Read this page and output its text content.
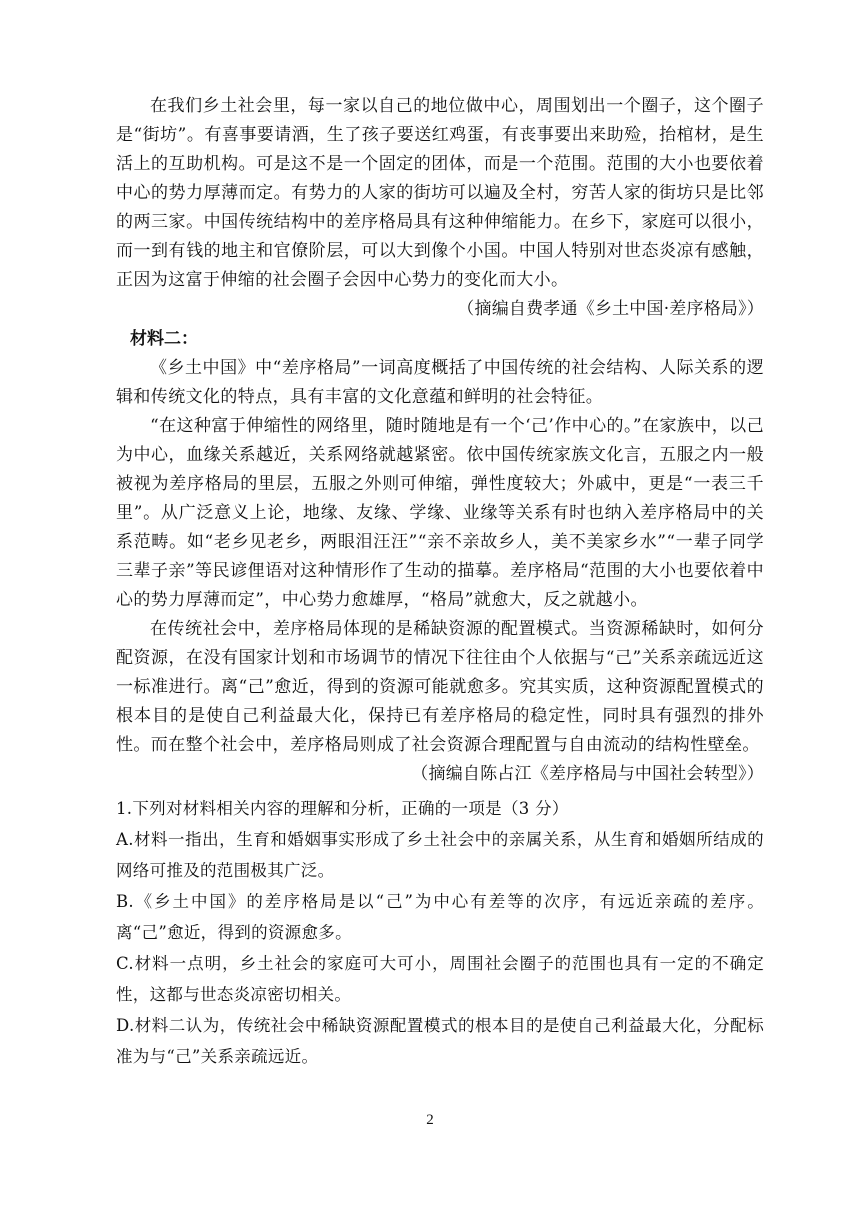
在我们乡土社会里，每一家以自己的地位做中心，周围划出一个圈子，这个圈子是“街坊”。有喜事要请酒，生了孩子要送红鸡蛋，有丧事要出来助殓，抬棺材，是生活上的互助机构。可是这不是一个固定的团体，而是一个范围。范围的大小也要依着中心的势力厚薄而定。有势力的人家的街坊可以遍及全村，穷苦人家的街坊只是比邻的两三家。中国传统结构中的差序格局具有这种伸缩能力。在乡下，家庭可以很小，而一到有钱的地主和官僚阶层，可以大到像个小国。中国人特别对世态炎凉有感触，正因为这富于伸缩的社会圈子会因中心势力的变化而大小。

（摘编自费孝通《乡土中国·差序格局》）

材料二：

《乡土中国》中“差序格局”一词高度概括了中国传统的社会结构、人际关系的逻辑和传统文化的特点，具有丰富的文化意蕴和鲜明的社会特征。

“在这种富于伸缩性的网络里，随时随地是有一个‘己’作中心的。”在家族中，以己为中心，血缘关系越近，关系网络就越紧密。依中国传统家族文化言，五服之内一般被视为差序格局的里层，五服之外则可伸缩，弹性度较大；外戚中，更是“一表三千里”。从广泛意义上论，地缘、友缘、学缘、业缘等关系有时也纳入差序格局中的关系范畴。如“老乡见老乡，两眼泪汪汪”“亲不亲故乡人，美不美家乡水”“一辈子同学三辈子亲”等民谚俚语对这种情形作了生动的描摹。差序格局“范围的大小也要依着中心的势力厚薄而定”，中心势力愈雄厚，“格局”就愈大，反之就越小。

在传统社会中，差序格局体现的是稀缺资源的配置模式。当资源稀缺时，如何分配资源，在没有国家计划和市场调节的情况下往往由个人依据与“己”关系亲疏远近这一标准进行。离“己”愈近，得到的资源可能就愈多。究其实质，这种资源配置模式的根本目的是使自己利益最大化，保持已有差序格局的稳定性，同时具有强烈的排外性。而在整个社会中，差序格局则成了社会资源合理配置与自由流动的结构性壁垒。

（摘编自陈占江《差序格局与中国社会转型》）

1.下列对材料相关内容的理解和分析，正确的一项是（3 分）

A.材料一指出，生育和婚姻事实形成了乡土社会中的亲属关系，从生育和婚姻所结成的网络可推及的范围极其广泛。

B.《乡土中国》的差序格局是以“己”为中心有差等的次序，有远近亲疏的差序。离“己”愈近，得到的资源愈多。

C.材料一点明，乡土社会的家庭可大可小，周围社会圈子的范围也具有一定的不确定性，这都与世态炎凉密切相关。

D.材料二认为，传统社会中稀缺资源配置模式的根本目的是使自己利益最大化，分配标准为与“己”关系亲疏远近。

2
